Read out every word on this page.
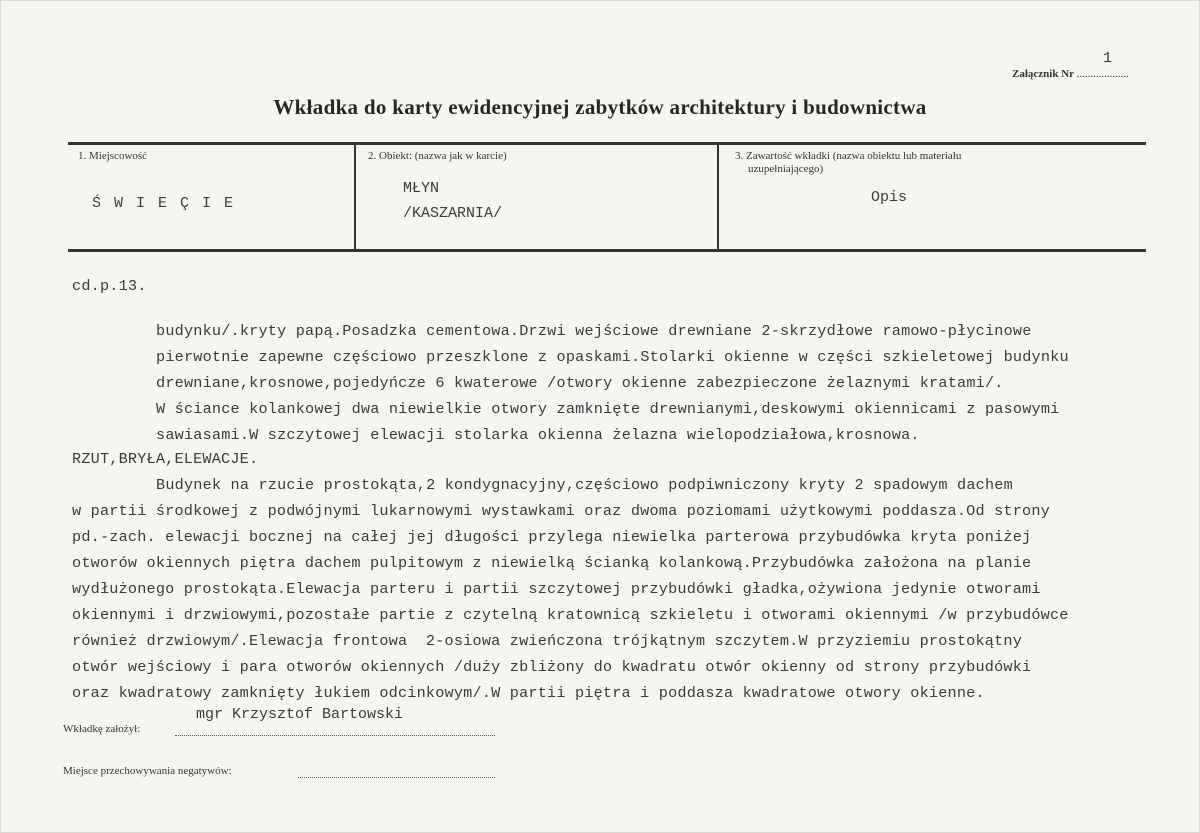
1
Załącznik Nr ...................
Wkładka do karty ewidencyjnej zabytków architektury i budownictwa
1. Miejscowość
Ś W I E Ç I E
2. Obiekt: (nazwa jak w karcie)
MŁYN
/KASZARNIA/
3. Zawartość wkładki (nazwa obiektu lub materiału
uzupełniającego)
Opis
cd.p.13.
budynku/.kryty papą.Posadzka cementowa.Drzwi wejściowe drewniane 2-skrzydłowe ramowo-płycinowe
pierwotnie zapewne częściowo przeszklone z opaskami.Stolarki okienne w części szkieletowej budynku
drewniane,krosnowe,pojedyńcze 6 kwaterowe /otwory okienne zabezpieczone żelaznymi kratami/.
W ściance kolankowej dwa niewielkie otwory zamknięte drewnianymi,deskowymi okiennicami z pasowymi
sawiasami.W szczytowej elewacji stolarka okienna żelazna wielopodziałowa,krosnowa.
RZUT,BRYŁA,ELEWACJE.
Budynek na rzucie prostokąta,2 kondygnacyjny,częściowo podpiwniczony kryty 2 spadowym dachem
w partii środkowej z podwójnymi lukarnowymi wystawkami oraz dwoma poziomami użytkowymi poddasza.Od strony
pd.-zach. elewacji bocznej na całej jej długości przylega niewielka parterowa przybudówka kryta poniżej
otworów okiennych piętra dachem pulpitowym z niewielką ścianką kolankową.Przybudówka założona na planie
wydłużonego prostokąta.Elewacja parteru i partii szczytowej przybudówki gładka,ożywiona jedynie otworami
okiennymi i drzwiowymi,pozostałe partie z czytelną kratownicą szkieletu i otworami okiennymi /w przybudówce
również drzwiowym/.Elewacja frontowa  2-osiowa zwieńczona trójkątnym szczytem.W przyziemiu prostokątny
otwór wejściowy i para otworów okiennych /duży zbliżony do kwadratu otwór okienny od strony przybudówki
oraz kwadratowy zamknięty łukiem odcinkowym/.W partii piętra i poddasza kwadratowe otwory okienne.
mgr Krzysztof Bartowski
Wkładkę założył:
Miejsce przechowywania negatywów:
